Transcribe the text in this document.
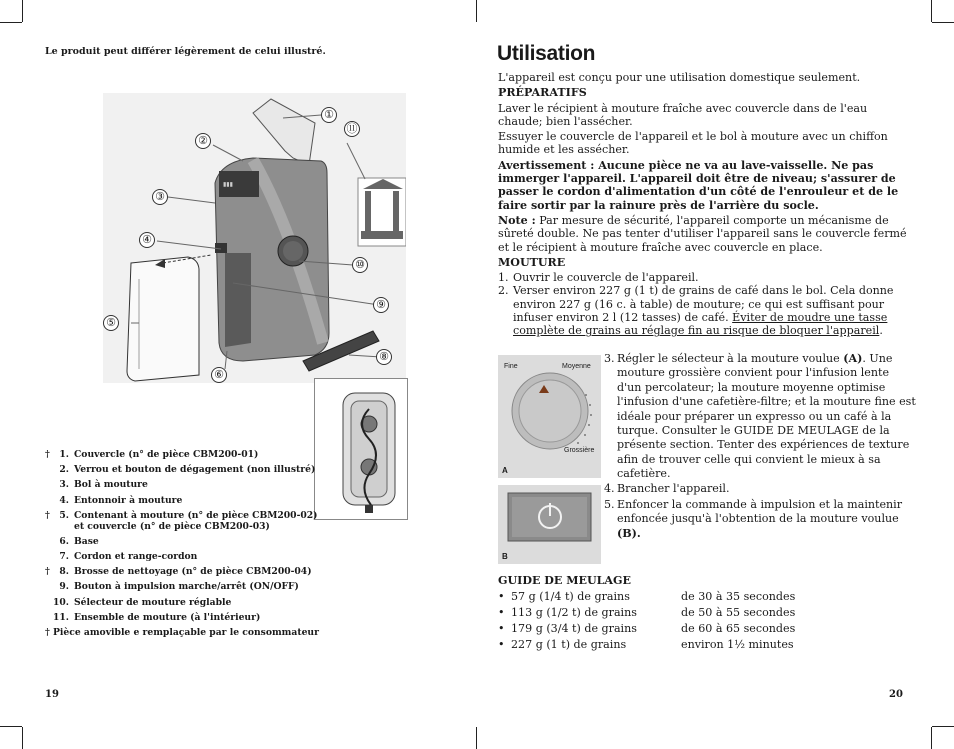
Le produit peut différer légèrement de celui illustré.
▮▮▮
①
②
⑪
③
④
⑩
⑨
⑤
⑧
⑥
†	1. Couvercle (n° de pièce CBM200-01)
2. Verrou et bouton de dégagement (non illustré)
3. Bol à mouture
4. Entonnoir à mouture
†	5. Contenant à mouture (n° de pièce CBM200-02)
et couvercle (n° de pièce CBM200-03)
6. Base
7. Cordon et range-cordon
†	8. Brosse de nettoyage (n° de pièce CBM200-04)
9. Bouton à impulsion marche/arrêt (ON/OFF)
10. Sélecteur de mouture réglable
11. Ensemble de mouture (à l'intérieur)
† Pièce amovible e remplaçable par le consommateur
19
Utilisation

L'appareil est conçu pour une utilisation domestique seulement.

PRÉPARATIFS

Laver le récipient à mouture fraîche avec couvercle dans de l'eau chaude; bien l'assécher.

Essuyer le couvercle de l'appareil et le bol à mouture avec un chiffon humide et les assécher.

Avertissement : Aucune pièce ne va au lave-vaisselle. Ne pas immerger l'appareil. L'appareil doit être de niveau; s'assurer de passer le cordon d'alimentation d'un côté de l'enrouleur et de le faire sortir par la rainure près de l'arrière du socle.

Note : Par mesure de sécurité, l'appareil comporte un mécanisme de sûreté double. Ne pas tenter d'utiliser l'appareil sans le couvercle fermé et le récipient à mouture fraîche avec couvercle en place.

MOUTURE

1. Ouvrir le couvercle de l'appareil.
2. Verser environ 227 g (1 t) de grains de café dans le bol. Cela donne environ 227 g (16 c. à table) de mouture; ce qui est suffisant pour infuser environ 2 l (12 tasses) de café. Éviter de moudre une tasse complète de grains au réglage fin au risque de bloquer l'appareil.
Fine	Moyenne
Grossière
A
B
3. Régler le sélecteur à la mouture voulue (A). Une mouture grossière convient pour l'infusion lente d'un percolateur; la mouture moyenne optimise l'infusion d'une cafetière-filtre; et la mouture fine est idéale pour préparer un expresso ou un café à la turque. Consulter le GUIDE DE MEULAGE de la présente section. Tenter des expériences de texture afin de trouver celle qui convient le mieux à sa cafetière.
4. Brancher l'appareil.
5. Enfoncer la commande à impulsion et la maintenir enfoncée jusqu'à l'obtention de la mouture voulue (B).
GUIDE DE MEULAGE
• 57 g (1/4 t) de grains	de 30 à 35 secondes
• 113 g (1/2 t) de grains	de 50 à 55 secondes
• 179 g (3/4 t) de grains	de 60 à 65 secondes
• 227 g (1 t) de grains	environ 1½ minutes
20
